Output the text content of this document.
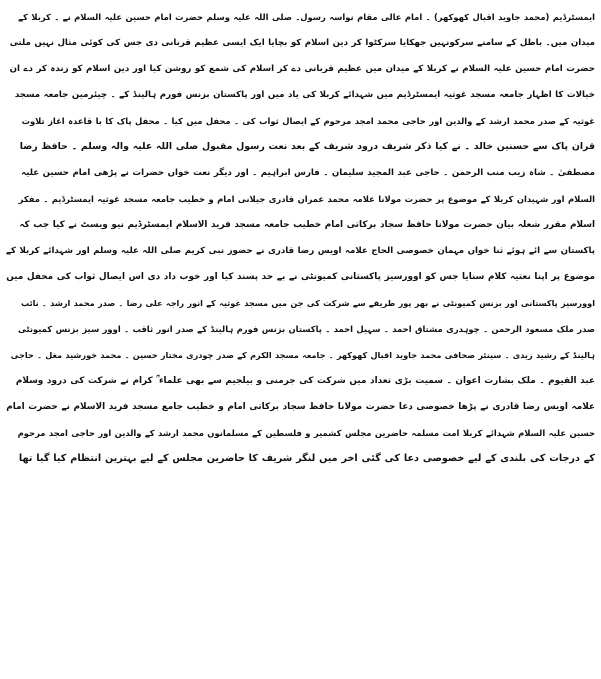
ایمسٹرڈیم (محمد جاوید اقبال کھوکھر) ۔ امام عالی مقام نواسہ رسول۔ صلی اللہ علیہ وسلم حضرت امام حسین علیہ السلام نے ۔ کربلا کے
میدان میں۔ باطل کے سامنے سرکونہیں جھکایا سرکٹوا کر دین اسلام کو بچایا ایک ایسی عظیم قربانی دی جس کی کوئی مثال نہیں ملتی
حضرت امام حسین علیہ السلام نے کربلا کے میدان میں عظیم قربانی دے کر اسلام کی شمع کو روشن کیا اور دین اسلام کو زندہ کر دے ان
خیالات کا اظہار جامعہ مسجد غوثیہ ایمسٹرڈیم میں شہدائے کربلا کی یاد میں اور پاکستان بزنس فورم ہالینڈ کے ۔ چیئرمین جامعہ مسجد
غوثیہ کے صدر محمد ارشد کے والدین اور حاجی محمد امجد مرحوم کے ایصال ثواب کی ۔ محفل میں کیا ۔ محفل پاک کا با قاعدہ اغاز تلاوت
قران پاک سے حسنین خالد ۔ نے کیا ذکر شریف درود شریف کے بعد نعت رسول مقبول صلی اللہ علیہ والہ وسلم ۔ حافظ رضا
مصطفیٰ ۔ شاہ زیب منب الرحمن ۔ حاجی عبد المجید سلیمان ۔ فارس ابراہیم ۔ اور دیگر نعت خواں حضرات نے پڑھی امام حسین علیہ
السلام اور شہیدان کربلا کے موضوع پر حضرت مولانا علامہ محمد عمران قادری جیلانی امام و خطیب جامعہ مسجد غوثیہ ایمسٹرڈیم ۔ مفکر
اسلام مقرر شعلہ بیان حضرت مولانا حافظ سجاد برکاتی امام خطیب جامعہ مسجد فرید الاسلام ایمسٹرڈیم نیو ویسٹ نے کیا جب کہ
پاکستان سے ائے ہوئے ثنا خواں مہمان خصوصی الحاج علامہ اویس رضا قادری نے حضور نبی کریم صلی اللہ علیہ وسلم اور شہدائے کربلا کے
موضوع پر اپنا نعتیہ کلام سنایا جس کو اوورسیز پاکستانی کمیونٹی نے بے حد پسند کیا اور خوب داد دی اس ایصال ثواب کی محفل میں
اوورسیز پاکستانی اور بزنس کمیونٹی نے بھر پور طریقے سے شرکت کی جن میں مسجد غوثیہ کے انور راجہ علی رضا ۔ صدر محمد ارشد ۔ نائب
صدر ملک مسعود الرحمن ۔ چوہدری مشتاق احمد ۔ سہیل احمد ۔ پاکستان بزنس فورم ہالینڈ کے صدر انور ثاقب ۔ اوور سیز بزنس کمیونٹی
ہالینڈ کے رشید زیدی ۔ سینئر صحافی محمد جاوید اقبال کھوکھر ۔ جامعہ مسجد الکرم کے صدر چودری مختار حسین ۔ محمد خورشید مغل ۔ حاجی
عبد القیوم ۔ ملک بشارت اعوان ۔ سمیت بڑی تعداد میں شرکت کی جرمنی و بیلجیم سے بھی علماء ؒ کرام نے شرکت کی درود وسلام
علامہ اویس رضا قادری نے پڑھا خصوصی دعا حضرت مولانا حافظ سجاد برکاتی امام و خطیب جامع مسجد فرید الاسلام نے حضرت امام
حسین علیہ السلام شہدائے کربلا امت مسلمہ حاضرین مجلس کشمیر و فلسطین کے مسلمانوں محمد ارشد کے والدین اور حاجی امجد مرحوم
کے درجات کی بلندی کے لیے خصوصی دعا کی گئی اخر میں لنگر شریف کا حاضرین مجلس کے لیے بہترین انتظام کیا گیا تھا
